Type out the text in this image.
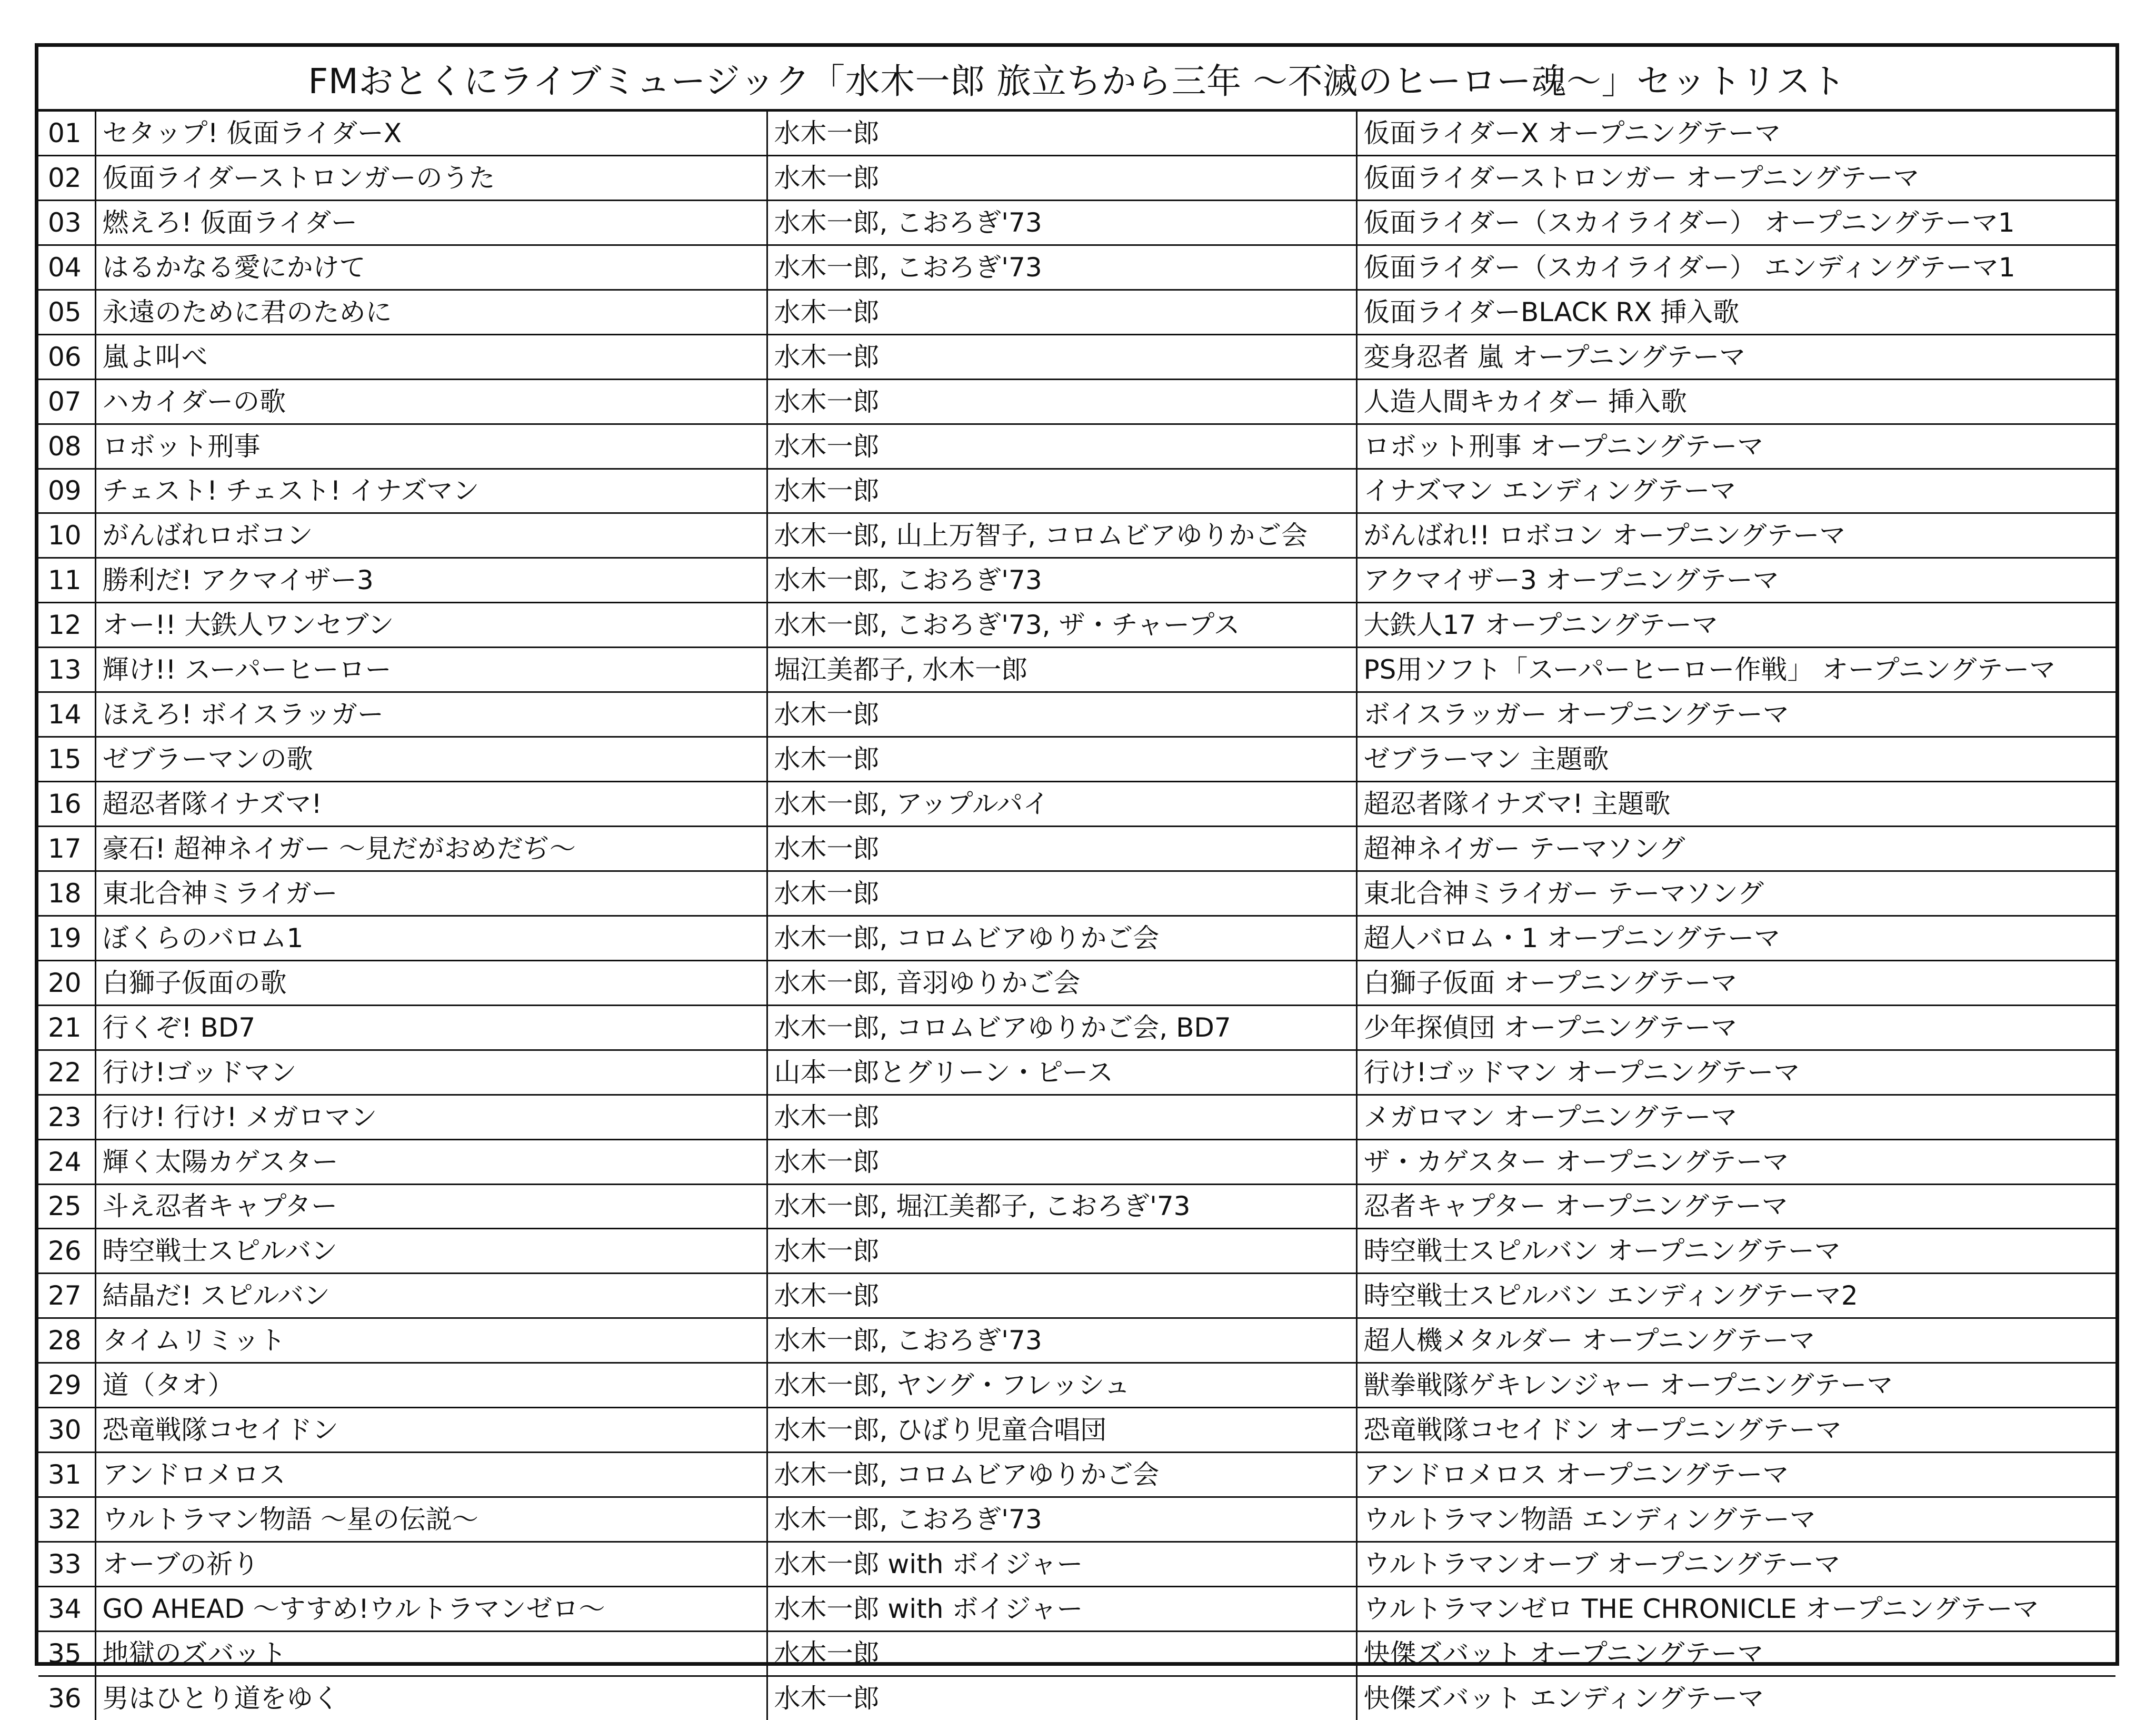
FMおとくにライブミュージック「水木一郎 旅立ちから三年 ～不滅のヒーロー魂～」セットリスト
01	セタップ! 仮面ライダーX	水木一郎	仮面ライダーX オープニングテーマ
02	仮面ライダーストロンガーのうた	水木一郎	仮面ライダーストロンガー オープニングテーマ
03	燃えろ! 仮面ライダー	水木一郎, こおろぎ'73	仮面ライダー（スカイライダー） オープニングテーマ1
04	はるかなる愛にかけて	水木一郎, こおろぎ'73	仮面ライダー（スカイライダー） エンディングテーマ1
05	永遠のために君のために	水木一郎	仮面ライダーBLACK RX 挿入歌
06	嵐よ叫べ	水木一郎	変身忍者 嵐 オープニングテーマ
07	ハカイダーの歌	水木一郎	人造人間キカイダー 挿入歌
08	ロボット刑事	水木一郎	ロボット刑事 オープニングテーマ
09	チェスト! チェスト! イナズマン	水木一郎	イナズマン エンディングテーマ
10	がんばれロボコン	水木一郎, 山上万智子, コロムビアゆりかご会	がんばれ!! ロボコン オープニングテーマ
11	勝利だ! アクマイザー3	水木一郎, こおろぎ'73	アクマイザー3 オープニングテーマ
12	オー!! 大鉄人ワンセブン	水木一郎, こおろぎ'73, ザ・チャープス	大鉄人17 オープニングテーマ
13	輝け!! スーパーヒーロー	堀江美都子, 水木一郎	PS用ソフト「スーパーヒーロー作戦」 オープニングテーマ
14	ほえろ! ボイスラッガー	水木一郎	ボイスラッガー オープニングテーマ
15	ゼブラーマンの歌	水木一郎	ゼブラーマン 主題歌
16	超忍者隊イナズマ!	水木一郎, アップルパイ	超忍者隊イナズマ! 主題歌
17	豪石! 超神ネイガー ～見だがおめだぢ～	水木一郎	超神ネイガー テーマソング
18	東北合神ミライガー	水木一郎	東北合神ミライガー テーマソング
19	ぼくらのバロム1	水木一郎, コロムビアゆりかご会	超人バロム・1 オープニングテーマ
20	白獅子仮面の歌	水木一郎, 音羽ゆりかご会	白獅子仮面 オープニングテーマ
21	行くぞ! BD7	水木一郎, コロムビアゆりかご会, BD7	少年探偵団 オープニングテーマ
22	行け!ゴッドマン	山本一郎とグリーン・ピース	行け!ゴッドマン オープニングテーマ
23	行け! 行け! メガロマン	水木一郎	メガロマン オープニングテーマ
24	輝く太陽カゲスター	水木一郎	ザ・カゲスター オープニングテーマ
25	斗え忍者キャプター	水木一郎, 堀江美都子, こおろぎ'73	忍者キャプター オープニングテーマ
26	時空戦士スピルバン	水木一郎	時空戦士スピルバン オープニングテーマ
27	結晶だ! スピルバン	水木一郎	時空戦士スピルバン エンディングテーマ2
28	タイムリミット	水木一郎, こおろぎ'73	超人機メタルダー オープニングテーマ
29	道（タオ）	水木一郎, ヤング・フレッシュ	獣拳戦隊ゲキレンジャー オープニングテーマ
30	恐竜戦隊コセイドン	水木一郎, ひばり児童合唱団	恐竜戦隊コセイドン オープニングテーマ
31	アンドロメロス	水木一郎, コロムビアゆりかご会	アンドロメロス オープニングテーマ
32	ウルトラマン物語 ～星の伝説～	水木一郎, こおろぎ'73	ウルトラマン物語 エンディングテーマ
33	オーブの祈り	水木一郎 with ボイジャー	ウルトラマンオーブ オープニングテーマ
34	GO AHEAD ～すすめ!ウルトラマンゼロ～	水木一郎 with ボイジャー	ウルトラマンゼロ THE CHRONICLE オープニングテーマ
35	地獄のズバット	水木一郎	快傑ズバット オープニングテーマ
36	男はひとり道をゆく	水木一郎	快傑ズバット エンディングテーマ
